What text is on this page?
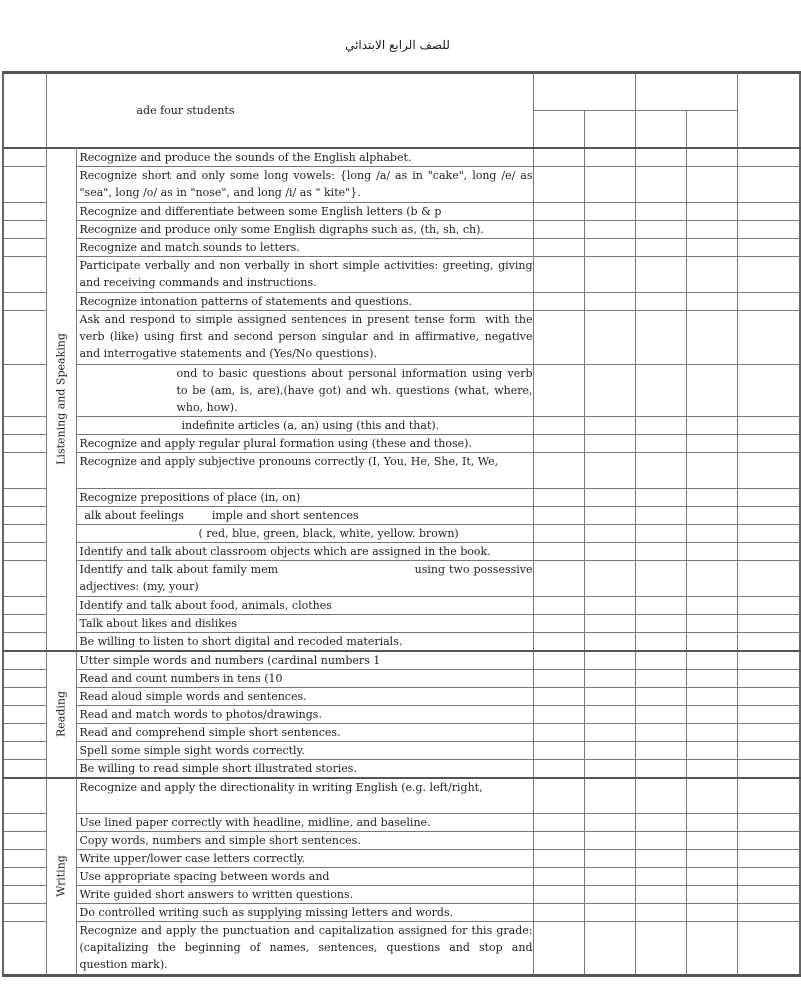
للصف الرابع الابتدائي
	ade four students						

	Listening and Speaking	Recognize and produce the sounds of the English alphabet.					
		Recognize short and only some long vowels: {long /a/ as in "cake", long /e/ as "sea", long /o/ as in "nose", and long /i/ as " kite"}.					
		Recognize and differentiate between some English letters (b & p					
		Recognize and produce only some English digraphs such as, (th, sh, ch).					
		Recognize and match sounds to letters.					
		Participate verbally and non verbally in short simple activities: greeting, giving and receiving commands and instructions.					
		Recognize intonation patterns of statements and questions.					
		Ask and respond to simple assigned sentences in present tense form  with the verb (like) using first and second person singular and in affirmative, negative and interrogative statements and (Yes/No questions).					
		ond to basic questions about personal information using verb to be (am, is, are),(have got) and wh. questions (what, where, who, how).					
		indefinite articles (a, an) using (this and that).					
		Recognize and apply regular plural formation using (these and those).					
		Recognize and apply subjective pronouns correctly (I, You, He, She, It, We,					
		Recognize prepositions of place (in, on)					
		alk about feelings        imple and short sentences					
		( red, blue, green, black, white, yellow. brown)					
		Identify and talk about classroom objects which are assigned in the book.					
		Identify and talk about family mem                                  using two possessive adjectives: (my, your)					
		Identify and talk about food, animals, clothes					
		Talk about likes and dislikes					
		Be willing to listen to short digital and recoded materials.					

	Reading	Utter simple words and numbers (cardinal numbers 1					
		Read and count numbers in tens (10					
		Read aloud simple words and sentences.					
		Read and match words to photos/drawings.					
		Read and comprehend simple short sentences.					
		Spell some simple sight words correctly.					
		Be willing to read simple short illustrated stories.					

	Writing	Recognize and apply the directionality in writing English (e.g. left/right,					
		Use lined paper correctly with headline, midline, and baseline.					
		Copy words, numbers and simple short sentences.					
		Write upper/lower case letters correctly.					
		Use appropriate spacing between words and					
		Write guided short answers to written questions.					
		Do controlled writing such as supplying missing letters and words.					
		Recognize and apply the punctuation and capitalization assigned for this grade: (capitalizing the beginning of names, sentences, questions and stop and question mark).					
